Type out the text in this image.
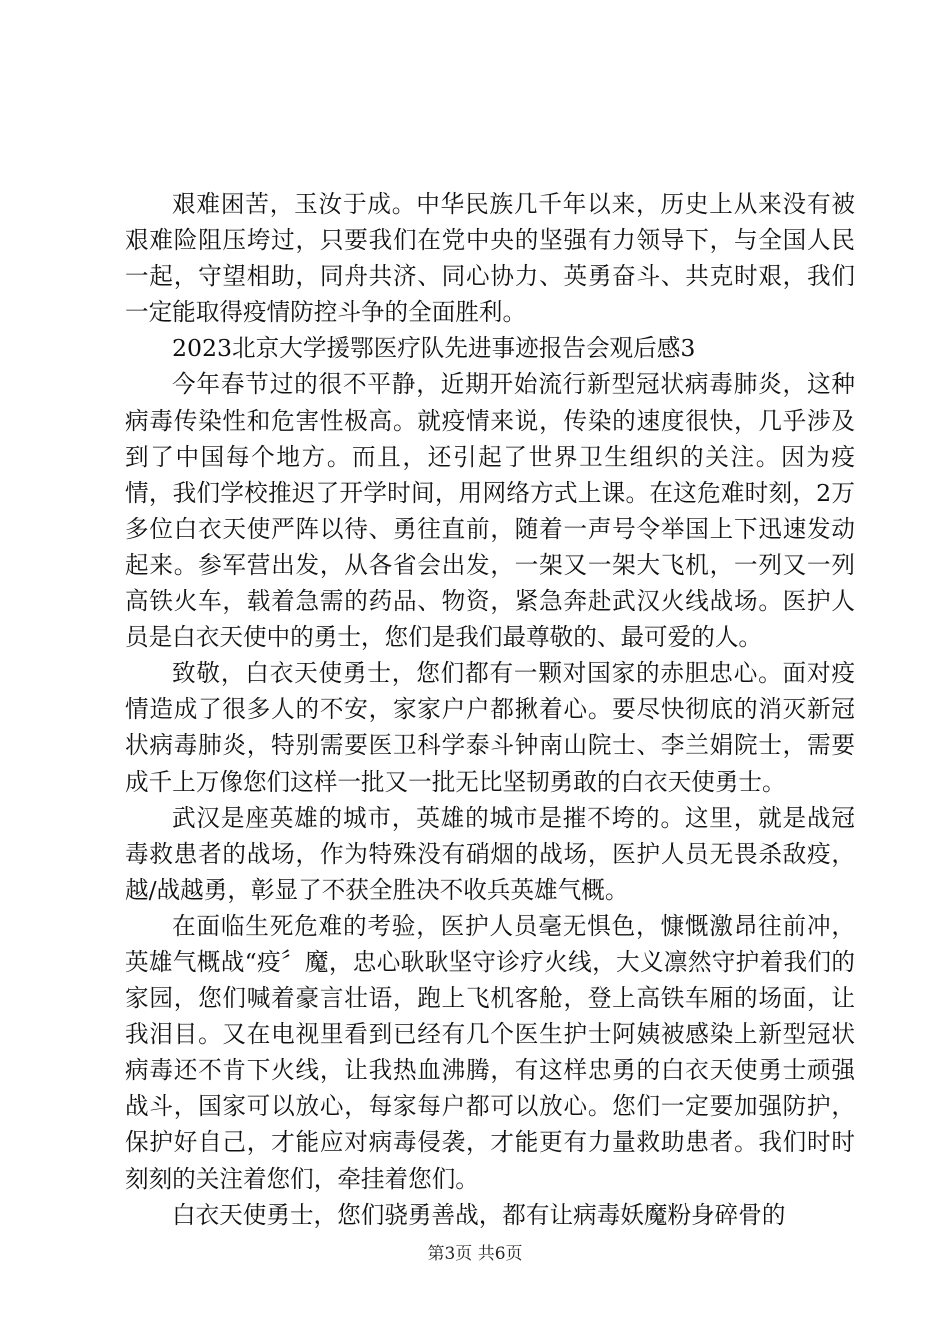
艰难困苦，玉汝于成。中华民族几千年以来，历史上从来没有被艰难险阻压垮过，只要我们在党中央的坚强有力领导下，与全国人民一起，守望相助，同舟共济、同心协力、英勇奋斗、共克时艰，我们一定能取得疫情防控斗争的全面胜利。

2023北京大学援鄂医疗队先进事迹报告会观后感3

今年春节过的很不平静，近期开始流行新型冠状病毒肺炎，这种病毒传染性和危害性极高。就疫情来说，传染的速度很快，几乎涉及到了中国每个地方。而且，还引起了世界卫生组织的关注。因为疫情，我们学校推迟了开学时间，用网络方式上课。在这危难时刻，2万多位白衣天使严阵以待、勇往直前，随着一声号令举国上下迅速发动起来。参军营出发，从各省会出发，一架又一架大飞机，一列又一列高铁火车，载着急需的药品、物资，紧急奔赴武汉火线战场。医护人员是白衣天使中的勇士，您们是我们最尊敬的、最可爱的人。

致敬，白衣天使勇士，您们都有一颗对国家的赤胆忠心。面对疫情造成了很多人的不安，家家户户都揪着心。要尽快彻底的消灭新冠状病毒肺炎，特别需要医卫科学泰斗钟南山院士、李兰娟院士，需要成千上万像您们这样一批又一批无比坚韧勇敢的白衣天使勇士。

武汉是座英雄的城市，英雄的城市是摧不垮的。这里，就是战冠毒救患者的战场，作为特殊没有硝烟的战场，医护人员无畏杀敌疫，越/战越勇，彰显了不获全胜决不收兵英雄气概。

在面临生死危难的考验，医护人员毫无惧色，慷慨激昂往前冲，英雄气概战“疫〞魔，忠心耿耿坚守诊疗火线，大义凛然守护着我们的家园，您们喊着豪言壮语，跑上飞机客舱，登上高铁车厢的场面，让我泪目。又在电视里看到已经有几个医生护士阿姨被感染上新型冠状病毒还不肯下火线，让我热血沸腾，有这样忠勇的白衣天使勇士顽强战斗，国家可以放心，每家每户都可以放心。您们一定要加强防护，保护好自己，才能应对病毒侵袭，才能更有力量救助患者。我们时时刻刻的关注着您们，牵挂着您们。

白衣天使勇士，您们骁勇善战，都有让病毒妖魔粉身碎骨的

第3页 共6页
